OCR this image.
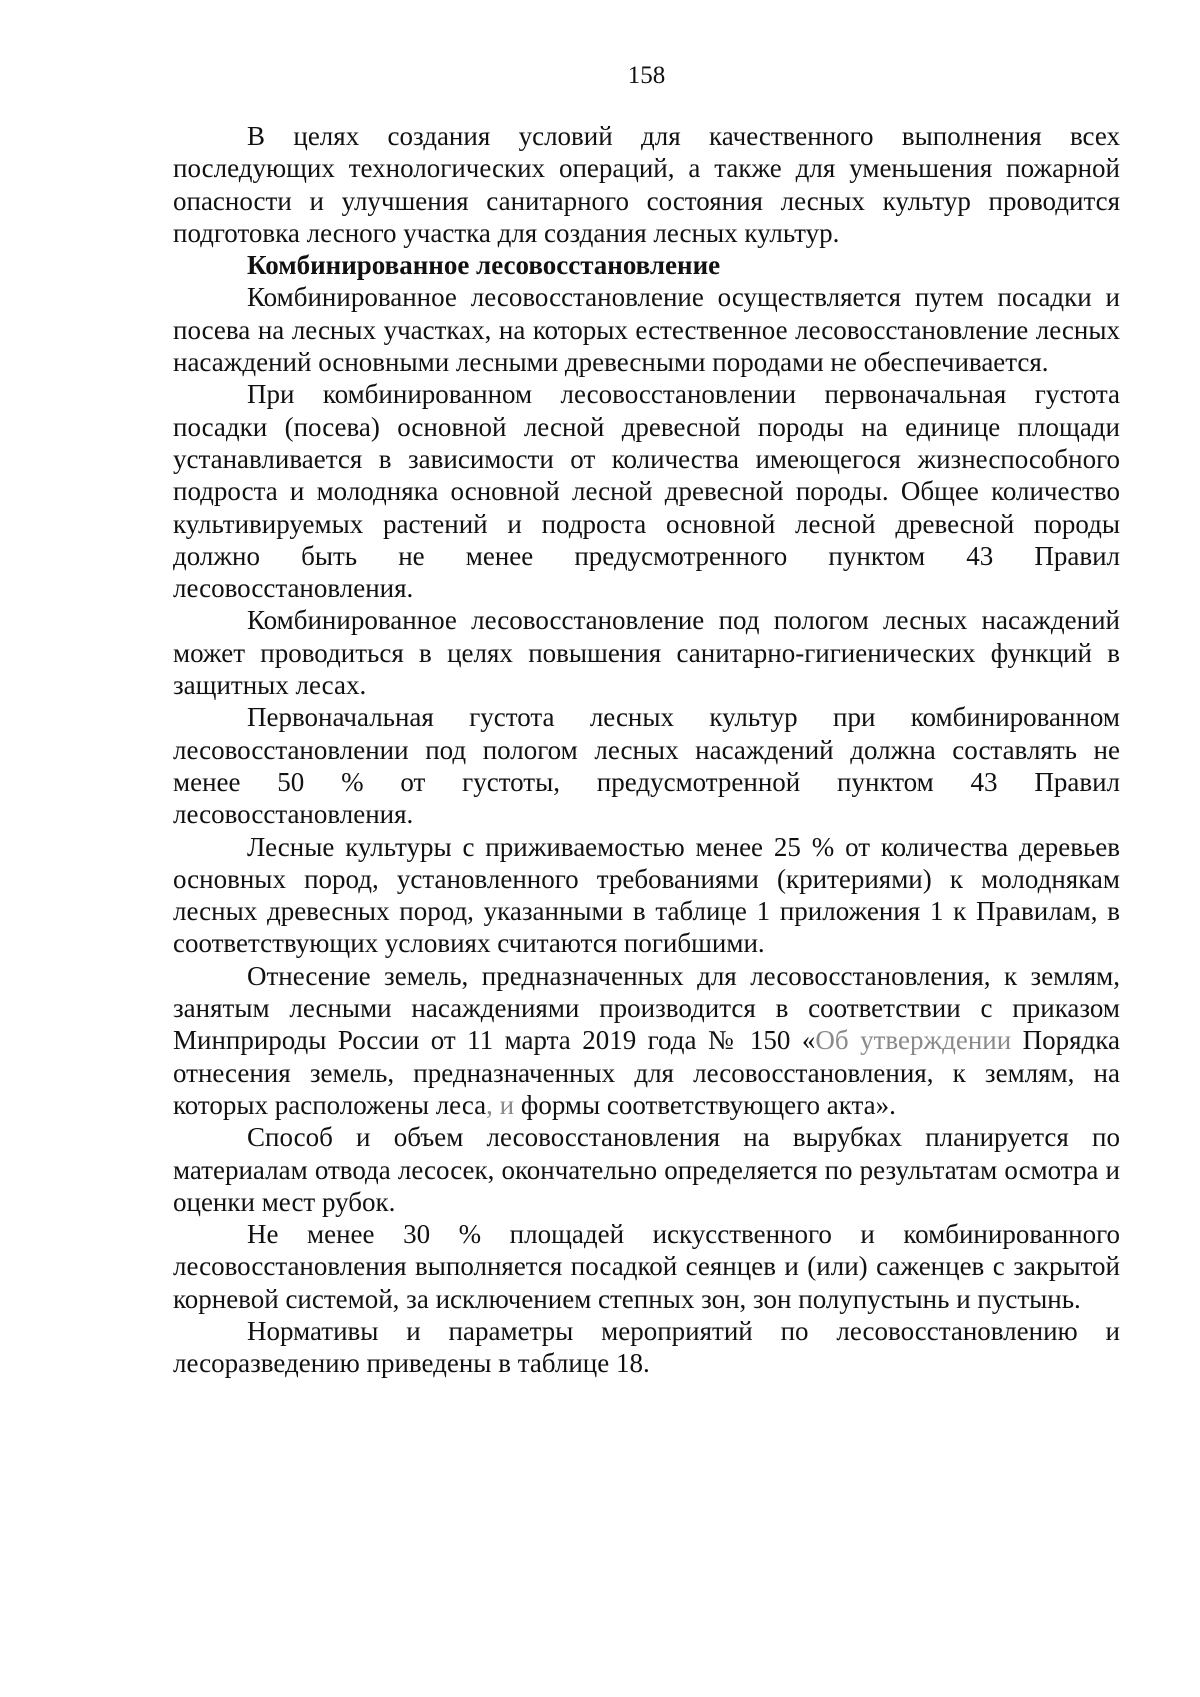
158

В целях создания условий для качественного выполнения всех последующих технологических операций, а также для уменьшения пожарной опасности и улучшения санитарного состояния лесных культур проводится подготовка лесного участка для создания лесных культур.

Комбинированное лесовосстановление

Комбинированное лесовосстановление осуществляется путем посадки и посева на лесных участках, на которых естественное лесовосстановление лесных насаждений основными лесными древесными породами не обеспечивается.

При комбинированном лесовосстановлении первоначальная густота посадки (посева) основной лесной древесной породы на единице площади устанавливается в зависимости от количества имеющегося жизнеспособного подроста и молодняка основной лесной древесной породы. Общее количество культивируемых растений и подроста основной лесной древесной породы должно быть не менее предусмотренного пунктом 43 Правил лесовосстановления.

Комбинированное лесовосстановление под пологом лесных насаждений может проводиться в целях повышения санитарно-гигиенических функций в защитных лесах.

Первоначальная густота лесных культур при комбинированном лесовосстановлении под пологом лесных насаждений должна составлять не менее 50 % от густоты, предусмотренной пунктом 43 Правил лесовосстановления.

Лесные культуры с приживаемостью менее 25 % от количества деревьев основных пород, установленного требованиями (критериями) к молоднякам лесных древесных пород, указанными в таблице 1 приложения 1 к Правилам, в соответствующих условиях считаются погибшими.

Отнесение земель, предназначенных для лесовосстановления, к землям, занятым лесными насаждениями производится в соответствии с приказом Минприроды России от 11 марта 2019 года № 150 «Об утверждении Порядка отнесения земель, предназначенных для лесовосстановления, к землям, на которых расположены леса, и формы соответствующего акта».

Способ и объем лесовосстановления на вырубках планируется по материалам отвода лесосек, окончательно определяется по результатам осмотра и оценки мест рубок.

Не менее 30 % площадей искусственного и комбинированного лесовосстановления выполняется посадкой сеянцев и (или) саженцев с закрытой корневой системой, за исключением степных зон, зон полупустынь и пустынь.

Нормативы и параметры мероприятий по лесовосстановлению и лесоразведению приведены в таблице 18.
